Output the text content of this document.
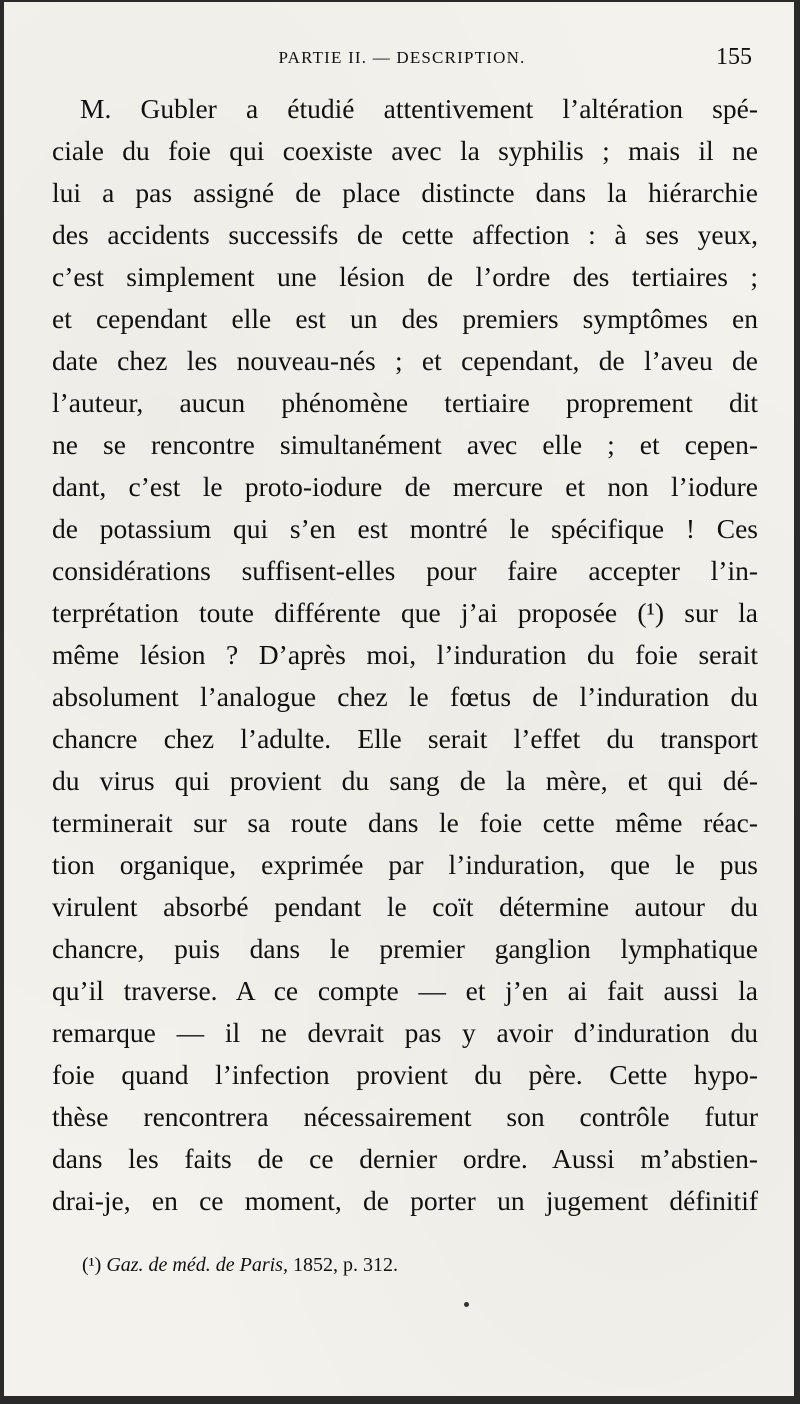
PARTIE II. — DESCRIPTION.	155
M. Gubler a étudié attentivement l’altération spé-
ciale du foie qui coexiste avec la syphilis ; mais il ne
lui a pas assigné de place distincte dans la hiérarchie
des accidents successifs de cette affection : à ses yeux,
c’est simplement une lésion de l’ordre des tertiaires ;
et cependant elle est un des premiers symptômes en
date chez les nouveau-nés ; et cependant, de l’aveu de
l’auteur, aucun phénomène tertiaire proprement dit
ne se rencontre simultanément avec elle ; et cepen-
dant, c’est le proto-iodure de mercure et non l’iodure
de potassium qui s’en est montré le spécifique ! Ces
considérations suffisent-elles pour faire accepter l’in-
terprétation toute différente que j’ai proposée (¹) sur la
même lésion ? D’après moi, l’induration du foie serait
absolument l’analogue chez le fœtus de l’induration du
chancre chez l’adulte. Elle serait l’effet du transport
du virus qui provient du sang de la mère, et qui dé-
terminerait sur sa route dans le foie cette même réac-
tion organique, exprimée par l’induration, que le pus
virulent absorbé pendant le coït détermine autour du
chancre, puis dans le premier ganglion lymphatique
qu’il traverse. A ce compte — et j’en ai fait aussi la
remarque — il ne devrait pas y avoir d’induration du
foie quand l’infection provient du père. Cette hypo-
thèse rencontrera nécessairement son contrôle futur
dans les faits de ce dernier ordre. Aussi m’abstien-
drai-je, en ce moment, de porter un jugement définitif
(¹) Gaz. de méd. de Paris, 1852, p. 312.
